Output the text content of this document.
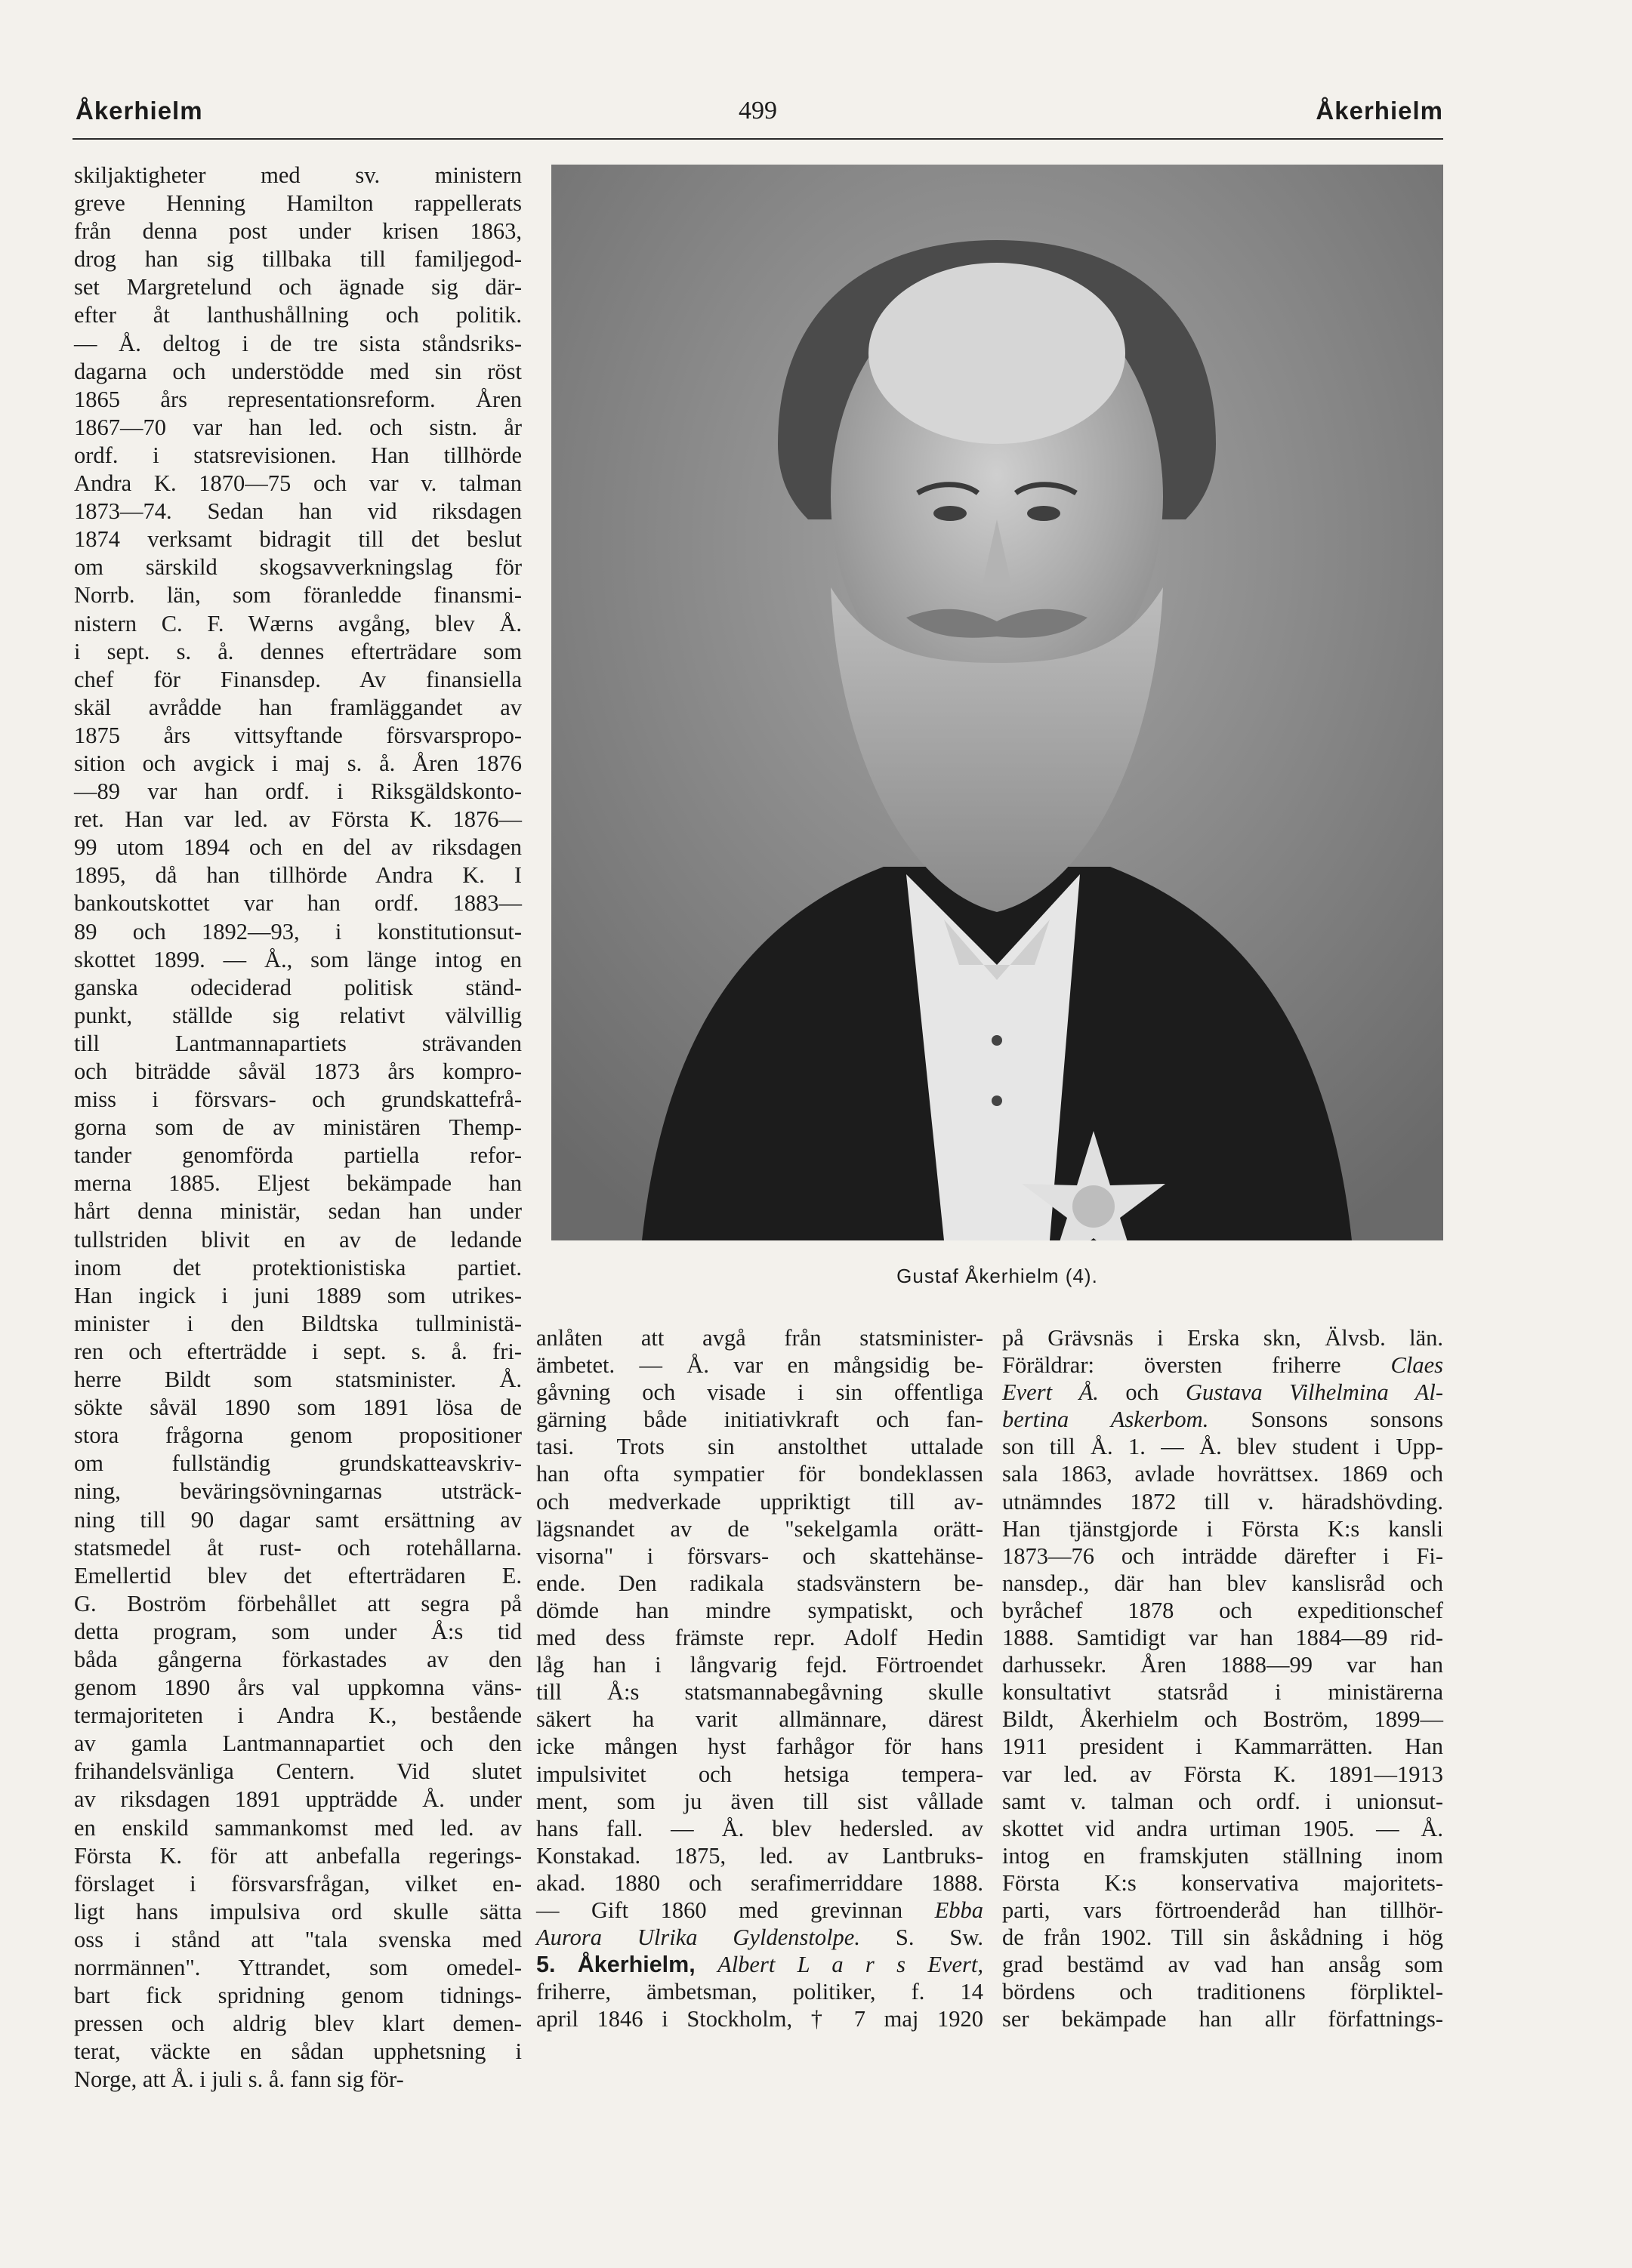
Åkerhielm	499	Åkerhielm
Gustaf Åkerhielm (4).
skiljaktigheter med sv. ministern
greve Henning Hamilton rappellerats
från denna post under krisen 1863,
drog han sig tillbaka till familjegod-
set Margretelund och ägnade sig där-
efter åt lanthushållning och politik.
— Å. deltog i de tre sista ståndsriks-
dagarna och understödde med sin röst
1865 års representationsreform. Åren
1867—70 var han led. och sistn. år
ordf. i statsrevisionen. Han tillhörde
Andra K. 1870—75 och var v. talman
1873—74. Sedan han vid riksdagen
1874 verksamt bidragit till det beslut
om särskild skogsavverkningslag för
Norrb. län, som föranledde finansmi-
nistern C. F. Wærns avgång, blev Å.
i sept. s. å. dennes efterträdare som
chef för Finansdep. Av finansiella
skäl avrådde han framläggandet av
1875 års vittsyftande försvarspropo-
sition och avgick i maj s. å. Åren 1876
—89 var han ordf. i Riksgäldskonto-
ret. Han var led. av Första K. 1876—
99 utom 1894 och en del av riksdagen
1895, då han tillhörde Andra K. I
bankoutskottet var han ordf. 1883—
89 och 1892—93, i konstitutionsut-
skottet 1899. — Å., som länge intog en
ganska odeciderad politisk ständ-
punkt, ställde sig relativt välvillig
till Lantmannapartiets strävanden
och biträdde såväl 1873 års kompro-
miss i försvars- och grundskattefrå-
gorna som de av ministären Themp-
tander genomförda partiella refor-
merna 1885. Eljest bekämpade han
hårt denna ministär, sedan han under
tullstriden blivit en av de ledande
inom det protektionistiska partiet.
Han ingick i juni 1889 som utrikes-
minister i den Bildtska tullministä-
ren och efterträdde i sept. s. å. fri-
herre Bildt som statsminister. Å.
sökte såväl 1890 som 1891 lösa de
stora frågorna genom propositioner
om fullständig grundskatteavskriv-
ning, beväringsövningarnas utsträck-
ning till 90 dagar samt ersättning av
statsmedel åt rust- och rotehållarna.
Emellertid blev det efterträdaren E.
G. Boström förbehållet att segra på
detta program, som under Å:s tid
båda gångerna förkastades av den
genom 1890 års val uppkomna väns-
termajoriteten i Andra K., bestående
av gamla Lantmannapartiet och den
frihandelsvänliga Centern. Vid slutet
av riksdagen 1891 uppträdde Å. under
en enskild sammankomst med led. av
Första K. för att anbefalla regerings-
förslaget i försvarsfrågan, vilket en-
ligt hans impulsiva ord skulle sätta
oss i stånd att "tala svenska med
norrmännen". Yttrandet, som omedel-
bart fick spridning genom tidnings-
pressen och aldrig blev klart demen-
terat, väckte en sådan upphetsning i
Norge, att Å. i juli s. å. fann sig för-
anlåten att avgå från statsminister-
ämbetet. — Å. var en mångsidig be-
gåvning och visade i sin offentliga
gärning både initiativkraft och fan-
tasi. Trots sin anstolthet uttalade
han ofta sympatier för bondeklassen
och medverkade uppriktigt till av-
lägsnandet av de "sekelgamla orätt-
visorna" i försvars- och skattehänse-
ende. Den radikala stadsvänstern be-
dömde han mindre sympatiskt, och
med dess främste repr. Adolf Hedin
låg han i långvarig fejd. Förtroendet
till Å:s statsmannabegåvning skulle
säkert ha varit allmännare, därest
icke mången hyst farhågor för hans
impulsivitet och hetsiga tempera-
ment, som ju även till sist vållade
hans fall. — Å. blev hedersled. av
Konstakad. 1875, led. av Lantbruks-
akad. 1880 och serafimerriddare 1888.
— Gift 1860 med grevinnan Ebba
Aurora Ulrika Gyldenstolpe. S. Sw.
5. Åkerhielm, Albert L a r s Evert,
friherre, ämbetsman, politiker, f. 14
april 1846 i Stockholm, † 7 maj 1920
på Grävsnäs i Erska skn, Älvsb. län.
Föräldrar: översten friherre Claes
Evert Å. och Gustava Vilhelmina Al-
bertina Askerbom. Sonsons sonsons
son till Å. 1. — Å. blev student i Upp-
sala 1863, avlade hovrättsex. 1869 och
utnämndes 1872 till v. häradshövding.
Han tjänstgjorde i Första K:s kansli
1873—76 och inträdde därefter i Fi-
nansdep., där han blev kanslisråd och
byråchef 1878 och expeditionschef
1888. Samtidigt var han 1884—89 rid-
darhussekr. Åren 1888—99 var han
konsultativt statsråd i ministärerna
Bildt, Åkerhielm och Boström, 1899—
1911 president i Kammarrätten. Han
var led. av Första K. 1891—1913
samt v. talman och ordf. i unionsut-
skottet vid andra urtiman 1905. — Å.
intog en framskjuten ställning inom
Första K:s konservativa majoritets-
parti, vars förtroenderåd han tillhör-
de från 1902. Till sin åskådning i hög
grad bestämd av vad han ansåg som
bördens och traditionens förpliktel-
ser bekämpade han allr författnings-
